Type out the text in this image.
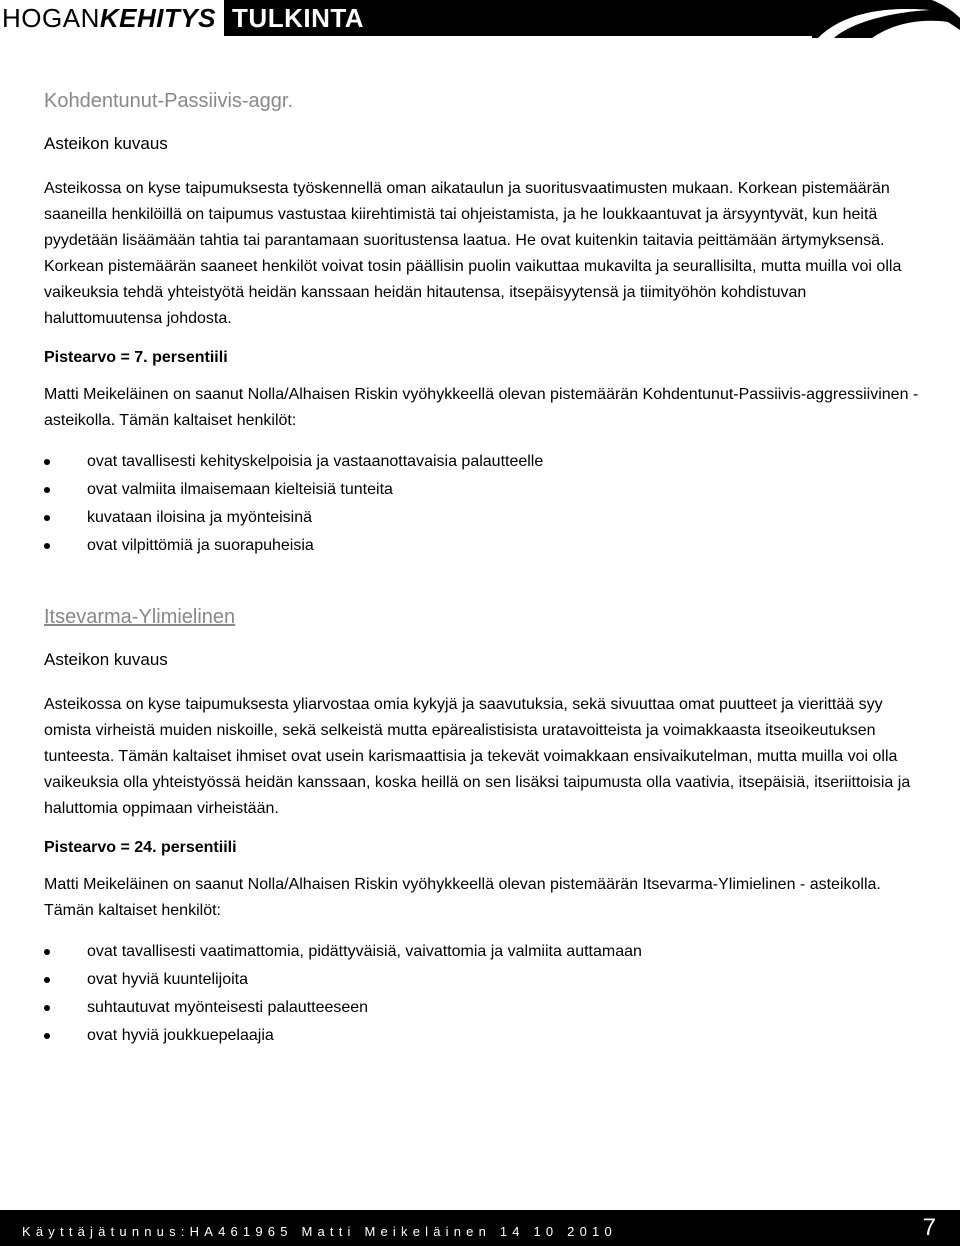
HOGAN KEHITYS TULKINTA
Kohdentunut-Passiivis-aggr.

Asteikon kuvaus

Asteikossa on kyse taipumuksesta työskennellä oman aikataulun ja suoritusvaatimusten mukaan. Korkean pistemäärän saaneilla henkilöillä on taipumus vastustaa kiirehtimistä tai ohjeistamista, ja he loukkaantuvat ja ärsyyntyvät, kun heitä pyydetään lisäämään tahtia tai parantamaan suoritustensa laatua. He ovat kuitenkin taitavia peittämään ärtymyksensä. Korkean pistemäärän saaneet henkilöt voivat tosin päällisin puolin vaikuttaa mukavilta ja seurallisilta, mutta muilla voi olla vaikeuksia tehdä yhteistyötä heidän kanssaan heidän hitautensa, itsepäisyytensä ja tiimityöhön kohdistuvan haluttomuutensa johdosta.

Pistearvo = 7. persentiili

Matti Meikeläinen on saanut Nolla/Alhaisen Riskin vyöhykkeellä olevan pistemäärän Kohdentunut-Passiivis-aggressiivinen -asteikolla. Tämän kaltaiset henkilöt:

ovat tavallisesti kehityskelpoisia ja vastaanottavaisia palautteelle
ovat valmiita ilmaisemaan kielteisiä tunteita
kuvataan iloisina ja myönteisinä
ovat vilpittömiä ja suorapuheisia
Itsevarma-Ylimielinen

Asteikon kuvaus

Asteikossa on kyse taipumuksesta yliarvostaa omia kykyjä ja saavutuksia, sekä sivuuttaa omat puutteet ja vierittää syy omista virheistä muiden niskoille, sekä selkeistä mutta epärealistisista uratavoitteista ja voimakkaasta itseoikeutuksen tunteesta. Tämän kaltaiset ihmiset ovat usein karismaattisia ja tekevät voimakkaan ensivaikutelman, mutta muilla voi olla vaikeuksia olla yhteistyössä heidän kanssaan, koska heillä on sen lisäksi taipumusta olla vaativia, itsepäisiä, itseriittoisia ja haluttomia oppimaan virheistään.

Pistearvo = 24. persentiili

Matti Meikeläinen on saanut Nolla/Alhaisen Riskin vyöhykkeellä olevan pistemäärän Itsevarma-Ylimielinen - asteikolla. Tämän kaltaiset henkilöt:

ovat tavallisesti vaatimattomia, pidättyväisiä, vaivattomia ja valmiita auttamaan
ovat hyviä kuuntelijoita
suhtautuvat myönteisesti palautteeseen
ovat hyviä joukkuepelaajia
Käyttäjätunnus:HA461965 Matti Meikeläinen 14 10 2010	7
